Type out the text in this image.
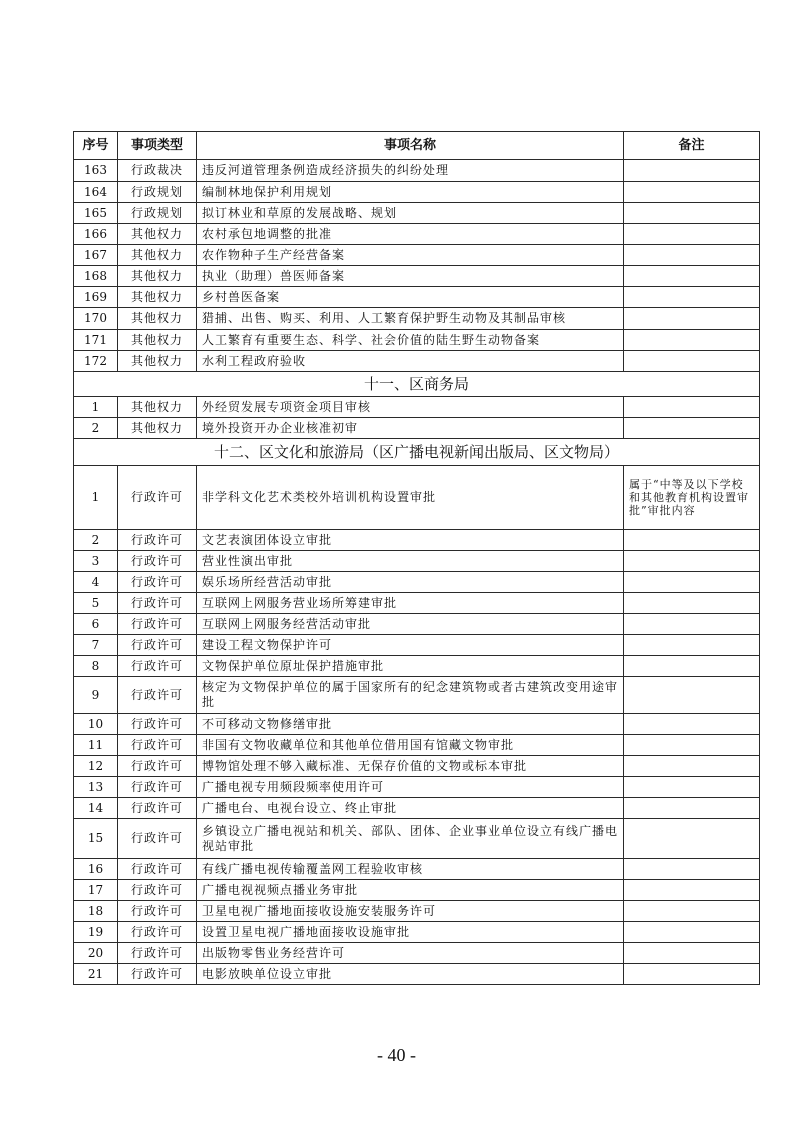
序号	事项类型	事项名称	备注
163	行政裁决	违反河道管理条例造成经济损失的纠纷处理	
164	行政规划	编制林地保护利用规划	
165	行政规划	拟订林业和草原的发展战略、规划	
166	其他权力	农村承包地调整的批准	
167	其他权力	农作物种子生产经营备案	
168	其他权力	执业（助理）兽医师备案	
169	其他权力	乡村兽医备案	
170	其他权力	猎捕、出售、购买、利用、人工繁育保护野生动物及其制品审核	
171	其他权力	人工繁育有重要生态、科学、社会价值的陆生野生动物备案	
172	其他权力	水利工程政府验收	
十一、区商务局			
1	其他权力	外经贸发展专项资金项目审核	
2	其他权力	境外投资开办企业核准初审	
十二、区文化和旅游局（区广播电视新闻出版局、区文物局）			
1	行政许可	非学科文化艺术类校外培训机构设置审批	属于“中等及以下学校和其他教育机构设置审批”审批内容
2	行政许可	文艺表演团体设立审批	
3	行政许可	营业性演出审批	
4	行政许可	娱乐场所经营活动审批	
5	行政许可	互联网上网服务营业场所筹建审批	
6	行政许可	互联网上网服务经营活动审批	
7	行政许可	建设工程文物保护许可	
8	行政许可	文物保护单位原址保护措施审批	
9	行政许可	核定为文物保护单位的属于国家所有的纪念建筑物或者古建筑改变用途审批	
10	行政许可	不可移动文物修缮审批	
11	行政许可	非国有文物收藏单位和其他单位借用国有馆藏文物审批	
12	行政许可	博物馆处理不够入藏标准、无保存价值的文物或标本审批	
13	行政许可	广播电视专用频段频率使用许可	
14	行政许可	广播电台、电视台设立、终止审批	
15	行政许可	乡镇设立广播电视站和机关、部队、团体、企业事业单位设立有线广播电视站审批	
16	行政许可	有线广播电视传输覆盖网工程验收审核	
17	行政许可	广播电视视频点播业务审批	
18	行政许可	卫星电视广播地面接收设施安装服务许可	
19	行政许可	设置卫星电视广播地面接收设施审批	
20	行政许可	出版物零售业务经营许可	
21	行政许可	电影放映单位设立审批	
- 40 -
